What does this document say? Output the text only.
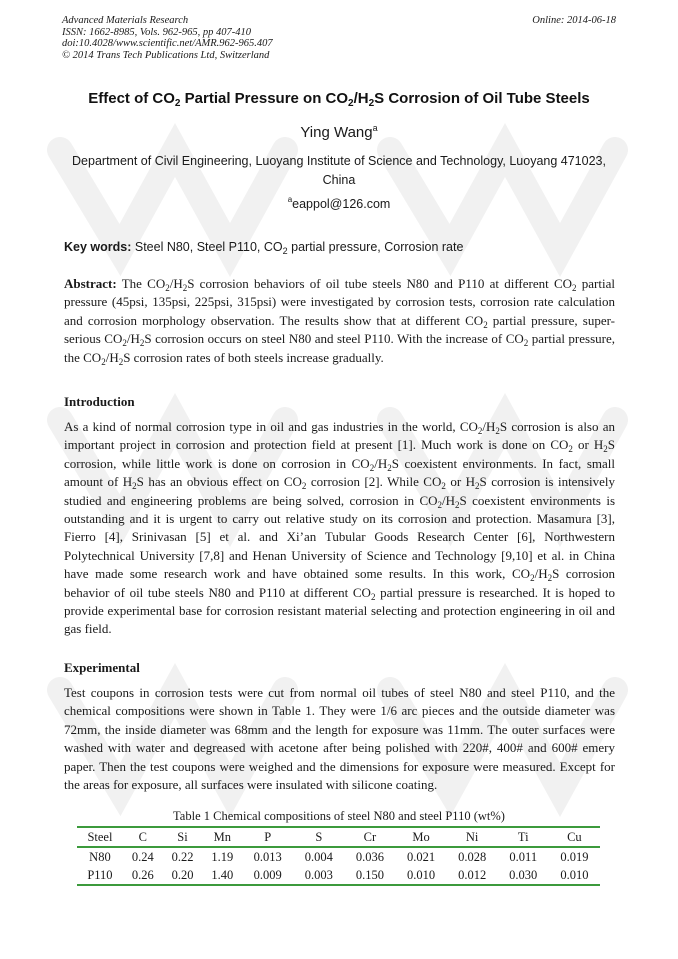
Advanced Materials Research
ISSN: 1662-8985, Vols. 962-965, pp 407-410
doi:10.4028/www.scientific.net/AMR.962-965.407
© 2014 Trans Tech Publications Ltd, Switzerland
Online: 2014-06-18
Effect of $CO_2$ Partial Pressure on $CO_2/H_2S$ Corrosion of Oil Tube Steels
Ying Wang$^a$
Department of Civil Engineering, Luoyang Institute of Science and Technology, Luoyang 471023, China
$^a$eappol@126.com
Key words: Steel N80, Steel P110, $CO_2$ partial pressure, Corrosion rate
Abstract: The $CO_2/H_2S$ corrosion behaviors of oil tube steels N80 and P110 at different $CO_2$ partial pressure (45psi, 135psi, 225psi, 315psi) were investigated by corrosion tests, corrosion rate calculation and corrosion morphology observation. The results show that at different $CO_2$ partial pressure, super-serious $CO_2/H_2S$ corrosion occurs on steel N80 and steel P110. With the increase of $CO_2$ partial pressure, the $CO_2/H_2S$ corrosion rates of both steels increase gradually.
Introduction
As a kind of normal corrosion type in oil and gas industries in the world, $CO_2/H_2S$ corrosion is also an important project in corrosion and protection field at present [1]. Much work is done on $CO_2$ or $H_2S$ corrosion, while little work is done on corrosion in $CO_2/H_2S$ coexistent environments. In fact, small amount of $H_2S$ has an obvious effect on $CO_2$ corrosion [2]. While $CO_2$ or $H_2S$ corrosion is intensively studied and engineering problems are being solved, corrosion in $CO_2/H_2S$ coexistent environments is outstanding and it is urgent to carry out relative study on its corrosion and protection. Masamura [3], Fierro [4], Srinivasan [5] et al. and Xi’an Tubular Goods Research Center [6], Northwestern Polytechnical University [7,8] and Henan University of Science and Technology [9,10] et al. in China have made some research work and have obtained some results. In this work, $CO_2/H_2S$ corrosion behavior of oil tube steels N80 and P110 at different $CO_2$ partial pressure is researched. It is hoped to provide experimental base for corrosion resistant material selecting and protection engineering in oil and gas field.
Experimental
Test coupons in corrosion tests were cut from normal oil tubes of steel N80 and steel P110, and the chemical compositions were shown in Table 1. They were 1/6 arc pieces and the outside diameter was 72mm, the inside diameter was 68mm and the length for exposure was 11mm. The outer surfaces were washed with water and degreased with acetone after being polished with 220#, 400# and 600# emery paper. Then the test coupons were weighed and the dimensions for exposure were measured. Except for the areas for exposure, all surfaces were insulated with silicone coating.
Table 1 Chemical compositions of steel N80 and steel P110 (wt%)
Steel	C	Si	Mn	P	S	Cr	Mo	Ni	Ti	Cu
N80	0.24	0.22	1.19	0.013	0.004	0.036	0.021	0.028	0.011	0.019
P110	0.26	0.20	1.40	0.009	0.003	0.150	0.010	0.012	0.030	0.010
